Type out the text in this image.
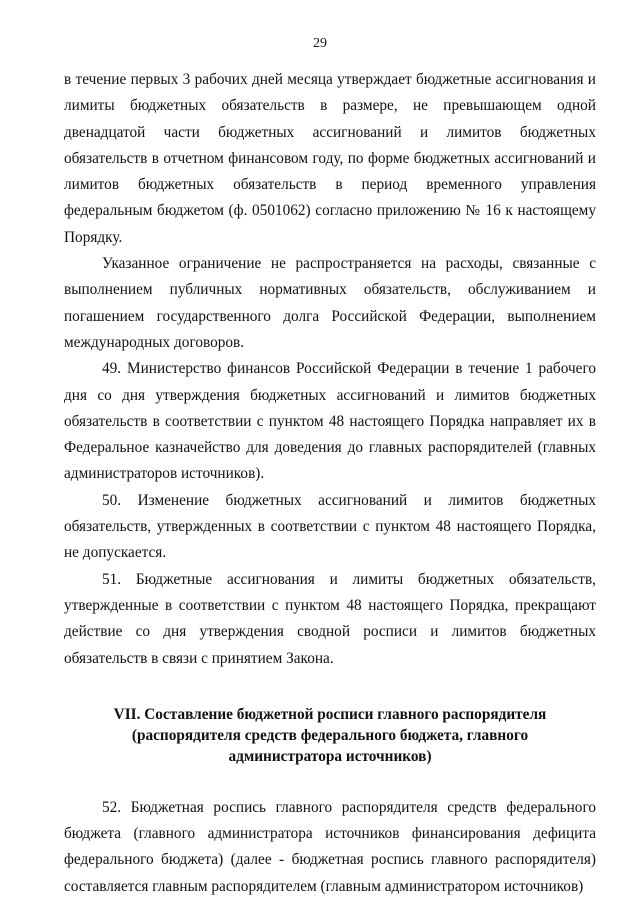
29

в течение первых 3 рабочих дней месяца утверждает бюджетные ассигнования и лимиты бюджетных обязательств в размере, не превышающем одной двенадцатой части бюджетных ассигнований и лимитов бюджетных обязательств в отчетном финансовом году, по форме бюджетных ассигнований и лимитов бюджетных обязательств в период временного управления федеральным бюджетом (ф. 0501062) согласно приложению № 16 к настоящему Порядку.

Указанное ограничение не распространяется на расходы, связанные с выполнением публичных нормативных обязательств, обслуживанием и погашением государственного долга Российской Федерации, выполнением международных договоров.

49. Министерство финансов Российской Федерации в течение 1 рабочего дня со дня утверждения бюджетных ассигнований и лимитов бюджетных обязательств в соответствии с пунктом 48 настоящего Порядка направляет их в Федеральное казначейство для доведения до главных распорядителей (главных администраторов источников).

50. Изменение бюджетных ассигнований и лимитов бюджетных обязательств, утвержденных в соответствии с пунктом 48 настоящего Порядка, не допускается.

51. Бюджетные ассигнования и лимиты бюджетных обязательств, утвержденные в соответствии с пунктом 48 настоящего Порядка, прекращают действие со дня утверждения сводной росписи и лимитов бюджетных обязательств в связи с принятием Закона.

VII. Составление бюджетной росписи главного распорядителя
(распорядителя средств федерального бюджета, главного
администратора источников)

52. Бюджетная роспись главного распорядителя средств федерального бюджета (главного администратора источников финансирования дефицита федерального бюджета) (далее - бюджетная роспись главного распорядителя) составляется главным распорядителем (главным администратором источников)
